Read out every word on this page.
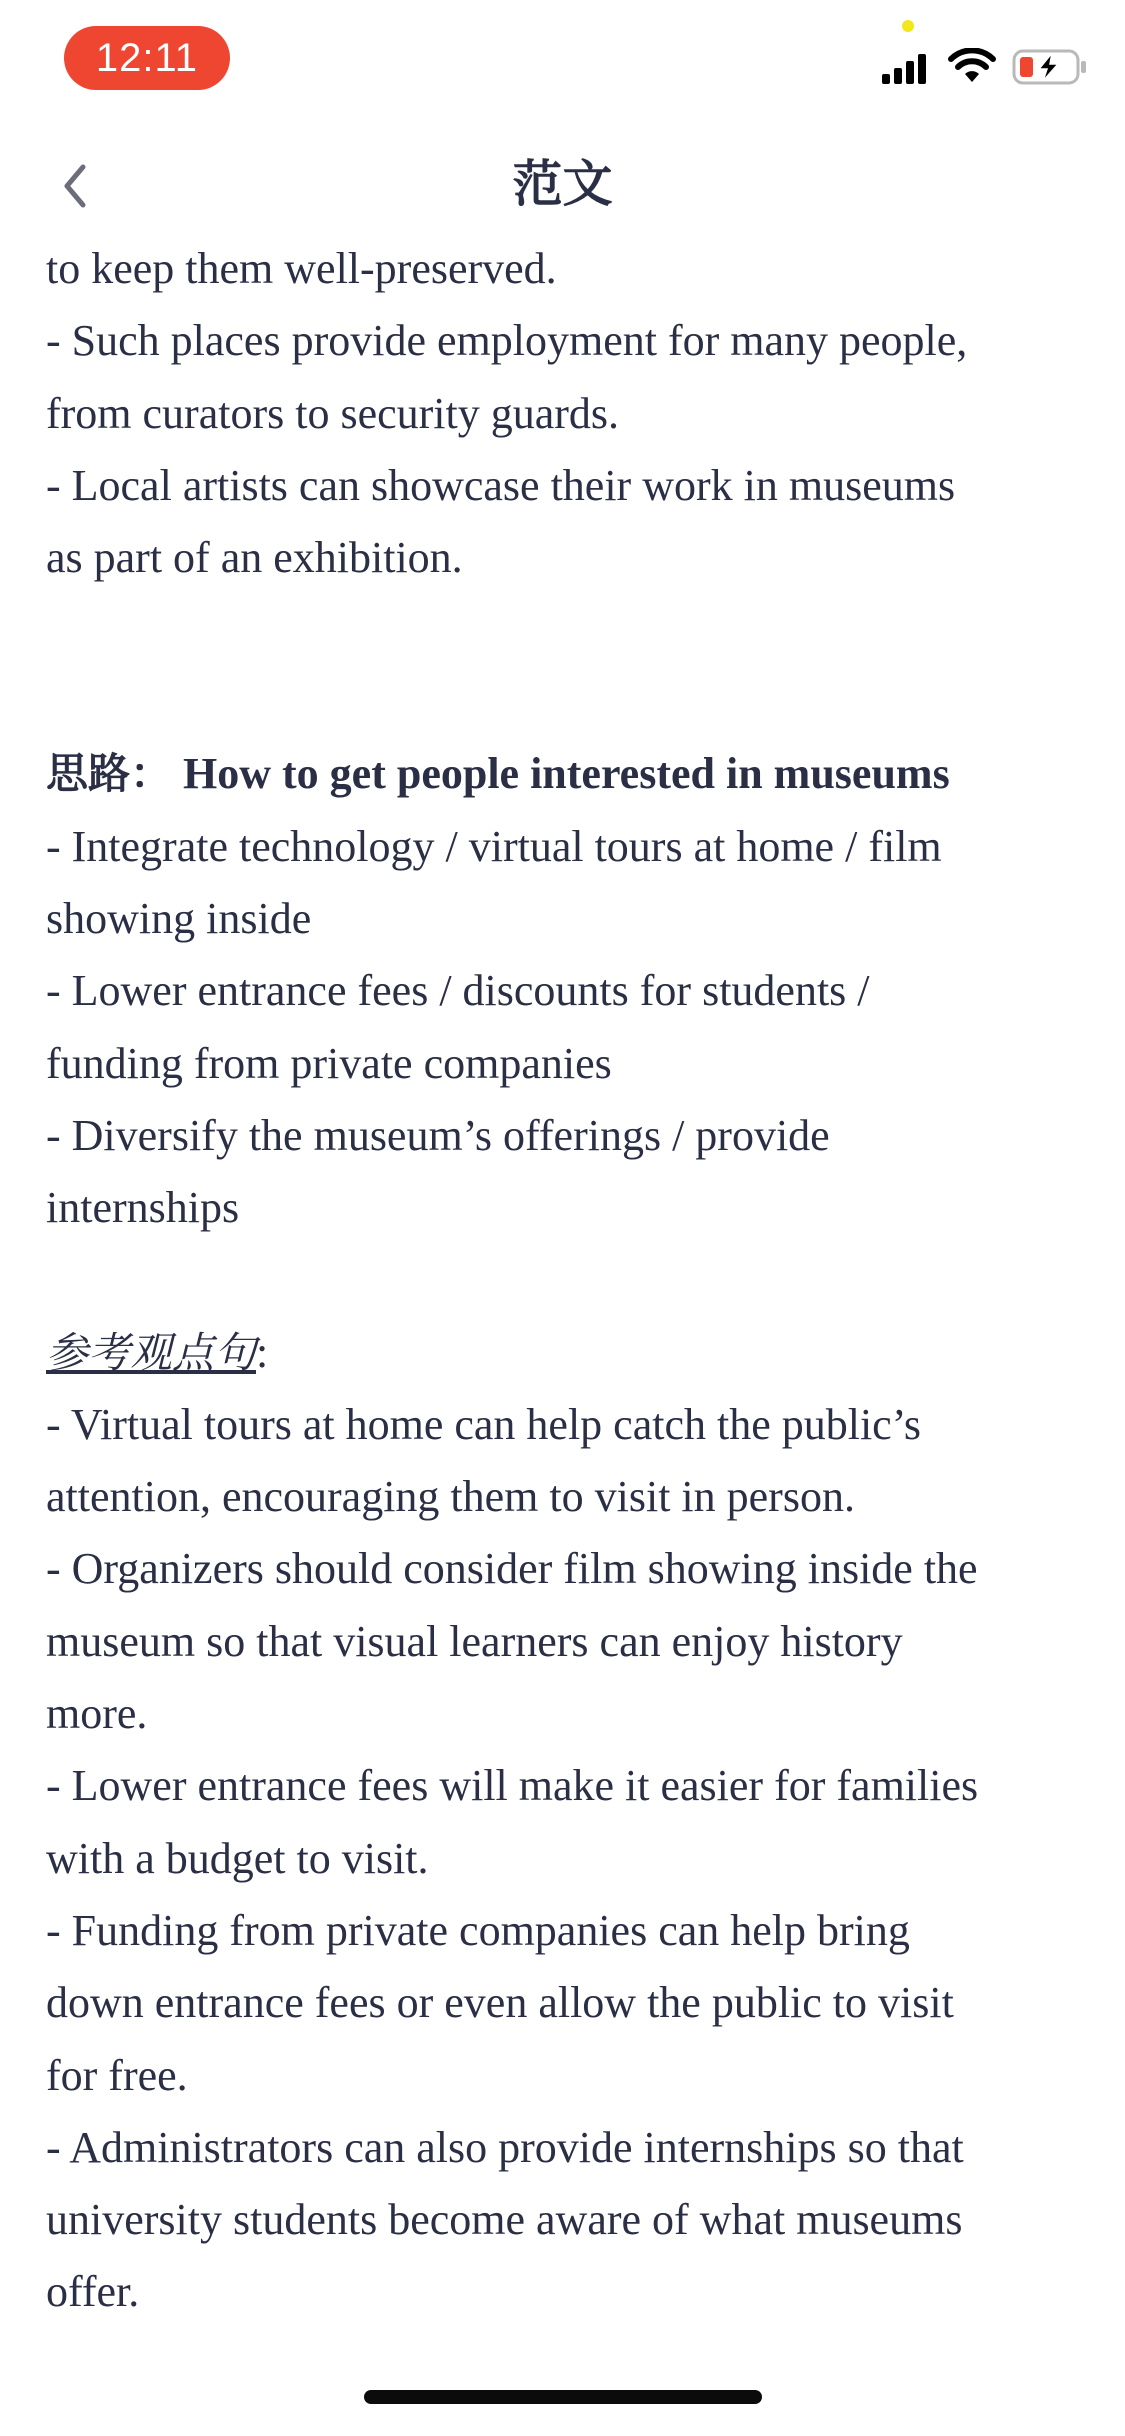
12:11
范文
to keep them well-preserved.
- Such places provide employment for many people,
from curators to security guards.
- Local artists can showcase their work in museums
as part of an exhibition.
思路： How to get people interested in museums
- Integrate technology / virtual tours at home / film
showing inside
- Lower entrance fees / discounts for students /
funding from private companies
- Diversify the museum’s offerings / provide
internships
参考观点句:
- Virtual tours at home can help catch the public’s
attention, encouraging them to visit in person.
- Organizers should consider film showing inside the
museum so that visual learners can enjoy history
more.
- Lower entrance fees will make it easier for families
with a budget to visit.
- Funding from private companies can help bring
down entrance fees or even allow the public to visit
for free.
- Administrators can also provide internships so that
university students become aware of what museums
offer.
